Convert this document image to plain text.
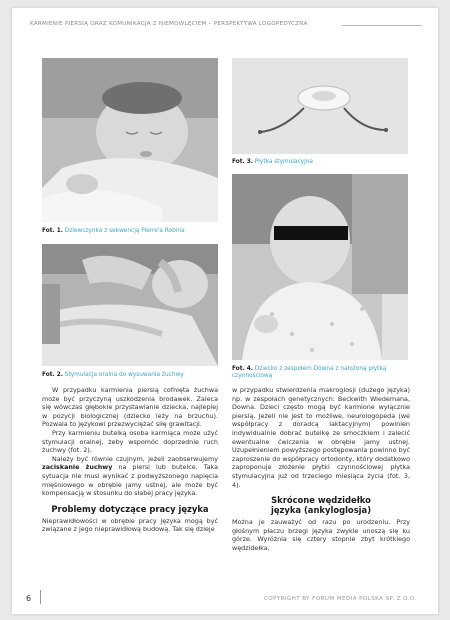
KARMIENIE PIERSIĄ ORAZ KOMUNIKACJA Z NIEMOWLĘCIEM – PERSPEKTYWA LOGOPEDYCZNA
Fot. 1. Dziewczynka z sekwencją Pierre'a Robina
Fot. 2. Stymulacja oralna do wysuwania żuchwy
Fot. 3. Płytka stymulacyjna
Fot. 4. Dziecko z zespołem Downa z nałożoną płytką czynnościową

W przypadku karmienia piersią cofnięta żuchwa może być przyczyną uszkodzenia brodawek. Zaleca się wówczas głębokie przystawianie dziecka, najlepiej w pozycji biologicznej (dziecko leży na brzuchu). Pozwala to językowi przezwyciężać siłę grawitacji.

Przy karmieniu butelką osoba karmiąca może użyć stymulacji oralnej, żeby wspomóc doprzednie ruch żuchwy (fot. 2).

Należy być równie czujnym, jeżeli zaobserwujemy zaciskanie żuchwy na piersi lub butelce. Taka sytuacja nie musi wynikać z podwyższonego napięcia mięśniowego w obrębie jamy ustnej, ale może być kompensacją w stosunku do słabej pracy języka.

Problemy dotyczące pracy języka

Nieprawidłowości w obrębie pracy języka mogą być związane z jego nieprawidłową budową. Tak się dzieje

w przypadku stwierdzenia makroglosji (dużego języka) np. w zespołach genetycznych: Beckwith Wiedemana, Downa. Dzieci często mogą być karmione wyłącznie piersią. Jeżeli nie jest to możliwe, neurologopeda (we współpracy z doradcą laktacyjnym) powinien indywidualnie dobrać butelkę ze smoczkiem i zalecić ewentualne ćwiczenia w obrębie jamy ustnej. Uzupełnieniem powyższego postępowania powinno być zaproszenie do współpracy ortodonty, który dodatkowo zaproponuje złożenie płytki czynnościowej płytka stymulacyjna już od trzeciego miesiąca życia (fot. 3, 4).

Skrócone wędzidełko języka (ankyloglosja)

Można je zauważyć od razu po urodzeniu. Przy głośnym płaczu brzegi języka zwykle unoszą się ku górze. Wyróżnia się cztery stopnie zbyt krótkiego wędzidełka,

6	COPYRIGHT BY FORUM MEDIA POLSKA SP. Z O.O.
